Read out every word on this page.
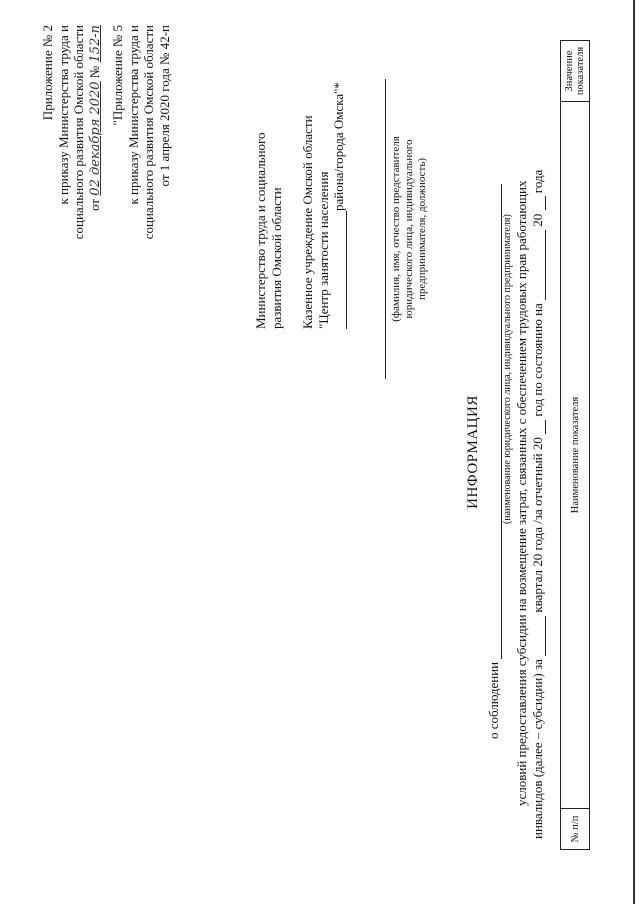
Приложение № 2 к приказу Министерства труда и социального развития Омской области от 02 декабря 2020 № 152-п "Приложение № 5 к приказу Министерства труда и социального развития Омской области от 1 апреля 2020 года № 42-п
Министерство труда и социального развития Омской области Казенное учреждение Омской области "Центр занятости населения
района/города Омска"*	(фамилия, имя, отчество представителя юридического лица, индивидуального предпринимателя, должность)
ИНФОРМАЦИЯ
о соблюдении
(наименование юридического лица, индивидуального предпринимателя) условий предоставления субсидии на возмещение затрат, связанных с обеспечением трудовых прав работающих инвалидов (далее – субсидии) за  квартал 20 года /за отчетный 20  год по состоянию на  20  года
№ п/п
Наименование показателя
Значение показателя
